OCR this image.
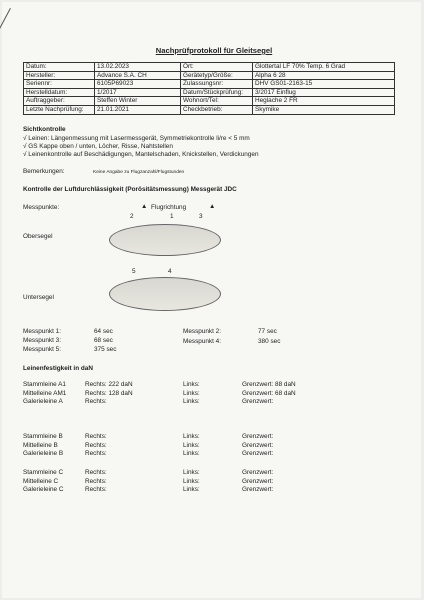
Nachprüfprotokoll für Gleitsegel
Datum:	13.02.2023	Ort:	Glottertal LF 70% Temp. 6 Grad
Hersteller:	Advance S.A. CH	Gerätetyp/Größe:	Alpha 6 28
Seriennr:	6105P69023	Zulassungsnr:	DHV GS01-2163-15
Herstelldatum:	1/2017	Datum/Stückprüfung:	3/2017 Einflug
Auftraggeber:	Steffen Winter	Wohnort/Tel:	Heglache 2 FR
Letzte Nachprüfung:	21.01.2021	Checkbetrieb:	Skymike
Sichtkontrolle
√ Leinen: Längenmessung mit Lasermessgerät, Symmetriekontrolle li/re < 5 mm
√ GS Kappe oben / unten, Löcher, Risse, Nahtstellen
√ Leinenkontrolle auf Beschädigungen, Mantelschaden, Knickstellen, Verdickungen
Bemerkungen:	Keine Angabe zu Flugzanzahl/Flugstunden
Kontrolle der Luftdurchlässigkeit (Porösitätsmessung) Messgerät JDC
Messpunkte:	▲ Flugrichtung	▲
2	1	3
Obersegel
5	4
Untersegel
Messpunkt 1:	64 sec	Messpunkt 2:	77 sec
Messpunkt 3:	68 sec	Messpunkt 4:	380 sec
Messpunkt 5:	375 sec
Leinenfestigkeit in daN
Stammleine A1	Rechts: 222 daN	Links:	Grenzwert: 88 daN
Mittelleine AM1	Rechts: 128 daN	Links:	Grenzwert: 68 daN
Galerieleine A	Rechts:	Links:	Grenzwert:
Stammleine B	Rechts:	Links:	Grenzwert:
Mittelleine B	Rechts:	Links:	Grenzwert:
Galerieleine B	Rechts:	Links:	Grenzwert:
Stammleine C	Rechts:	Links:	Grenzwert:
Mittelleine C	Rechts:	Links:	Grenzwert:
Galerieleine C	Rechts:	Links:	Grenzwert:
